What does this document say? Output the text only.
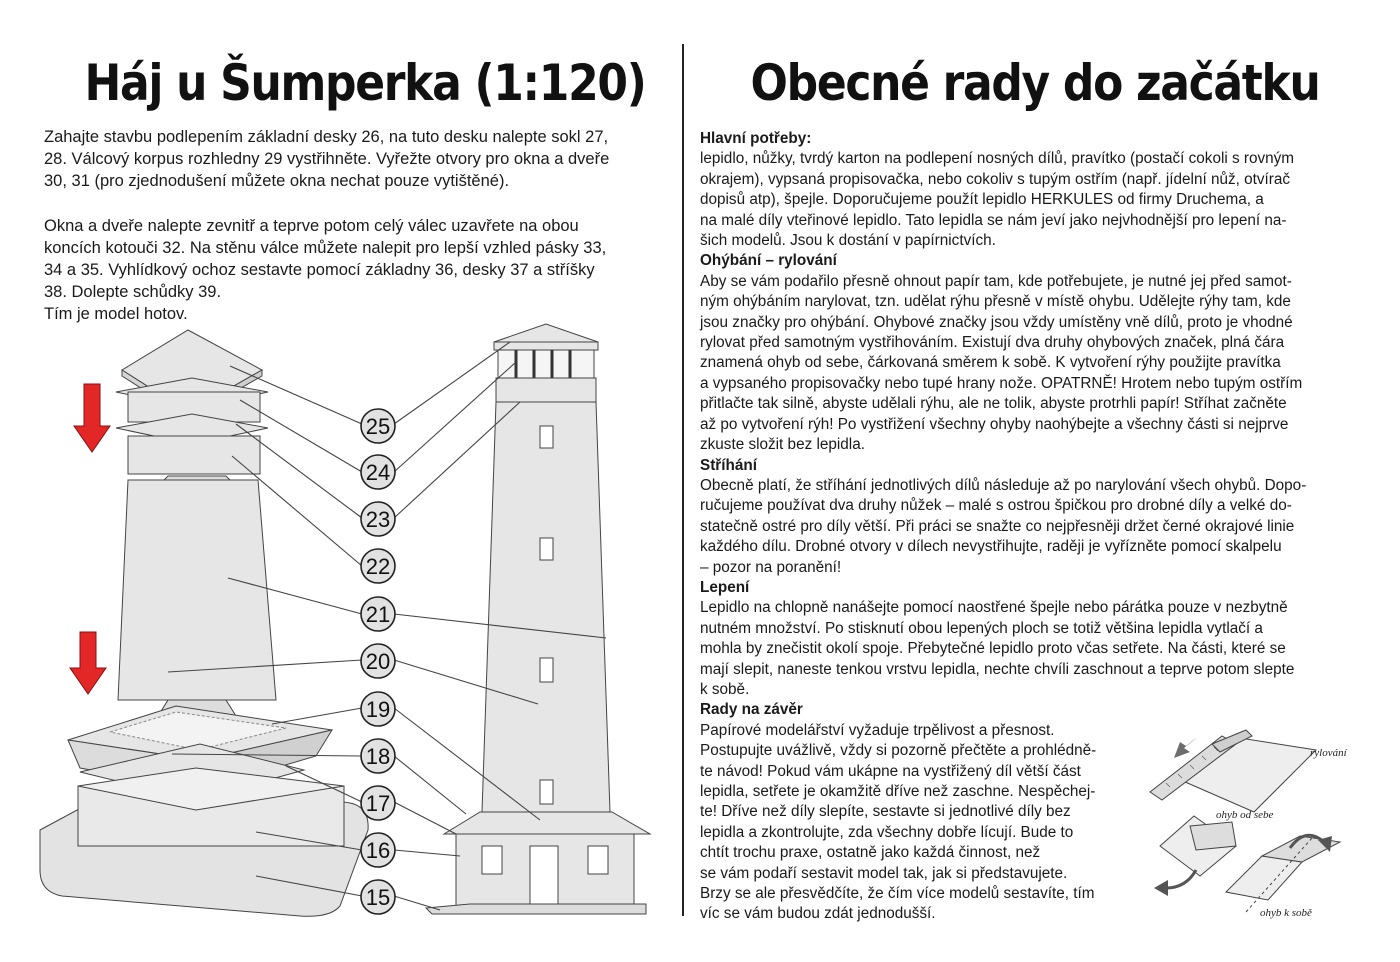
Háj u Šumperka (1:120)	Obecné rady do začátku

Zahajte stavbu podlepením základní desky 26, na tuto desku nalepte sokl 27,

28. Válcový korpus rozhledny 29 vystřihněte. Vyřežte otvory pro okna a dveře

30, 31 (pro zjednodušení můžete okna nechat pouze vytištěné).

Okna a dveře nalepte zevnitř a teprve potom celý válec uzavřete na obou

koncích kotouči 32. Na stěnu válce můžete nalepit pro lepší vzhled pásky 33,

34 a 35. Vyhlídkový ochoz sestavte pomocí základny 36, desky 37 a stříšky

38. Dolepte schůdky 39.

Tím je model hotov.

25
24
23
22
21
20
19
18
17
16
15
Hlavní potřeby:
lepidlo, nůžky, tvrdý karton na podlepení nosných dílů, pravítko (postačí cokoli s rovným
okrajem), vypsaná propisovačka, nebo cokoliv s tupým ostřím (např. jídelní nůž, otvírač
dopisů atp), špejle. Doporučujeme použít lepidlo HERKULES od firmy Druchema, a
na malé díly vteřinové lepidlo. Tato lepidla se nám jeví jako nejvhodnější pro lepení na-
šich modelů. Jsou k dostání v papírnictvích.
Ohýbání – rylování
Aby se vám podařilo přesně ohnout papír tam, kde potřebujete, je nutné jej před samot-
ným ohýbáním narylovat, tzn. udělat rýhu přesně v místě ohybu. Udělejte rýhy tam, kde
jsou značky pro ohýbání. Ohybové značky jsou vždy umístěny vně dílů, proto je vhodné
rylovat před samotným vystřihováním. Existují dva druhy ohybových značek, plná čára
znamená ohyb od sebe, čárkovaná směrem k sobě. K vytvoření rýhy použijte pravítka
a vypsaného propisovačky nebo tupé hrany nože. OPATRNĚ! Hrotem nebo tupým ostřím
přitlačte tak silně, abyste udělali rýhu, ale ne tolik, abyste protrhli papír! Stříhat začněte
až po vytvoření rýh! Po vystřižení všechny ohyby naohýbejte a všechny části si nejprve
zkuste složit bez lepidla.
Stříhání
Obecně platí, že stříhání jednotlivých dílů následuje až po narylování všech ohybů. Dopo-
ručujeme používat dva druhy nůžek – malé s ostrou špičkou pro drobné díly a velké do-
statečně ostré pro díly větší. Při práci se snažte co nejpřesněji držet černé okrajové linie
každého dílu. Drobné otvory v dílech nevystřihujte, raději je vyřízněte pomocí skalpelu
– pozor na poranění!
Lepení
Lepidlo na chlopně nanášejte pomocí naostřené špejle nebo párátka pouze v nezbytně
nutném množství. Po stisknutí obou lepených ploch se totiž většina lepidla vytlačí a
mohla by znečistit okolí spoje. Přebytečné lepidlo proto včas setřete. Na části, které se
mají slepit, naneste tenkou vrstvu lepidla, nechte chvíli zaschnout a teprve potom slepte
k sobě.
Rady na závěr
Papírové modelářství vyžaduje trpělivost a přesnost.
Postupujte uvážlivě, vždy si pozorně přečtěte a prohlédně-
te návod! Pokud vám ukápne na vystřižený díl větší část
lepidla, setřete je okamžitě dříve než zaschne. Nespěchej-
te! Dříve než díly slepíte, sestavte si jednotlivé díly bez
lepidla a zkontrolujte, zda všechny dobře lícují. Bude to
chtít trochu praxe, ostatně jako každá činnost, než
se vám podaří sestavit model tak, jak si představujete.
Brzy se ale přesvědčíte, že čím více modelů sestavíte, tím
víc se vám budou zdát jednodušší.
rylování
ohyb od sebe
ohyb k sobě
